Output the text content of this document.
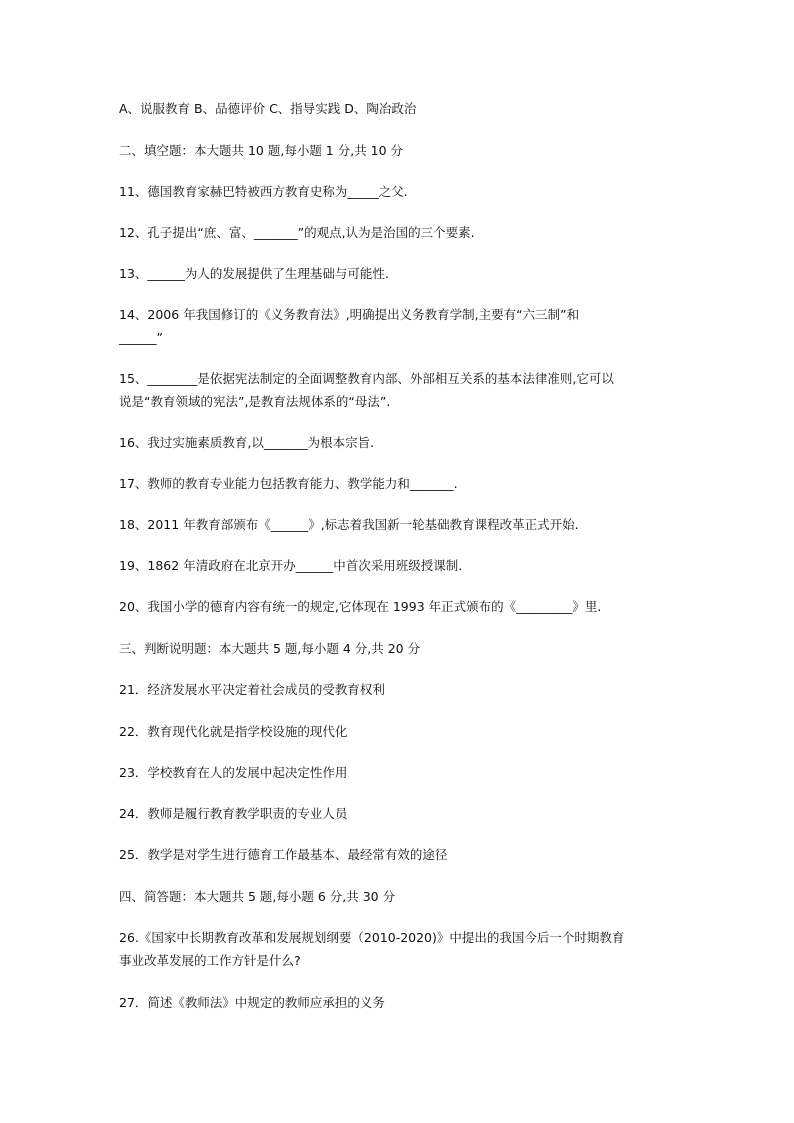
A、说服教育 B、品德评价 C、指导实践 D、陶冶政治
二、填空题：本大题共 10 题,每小题 1 分,共 10 分
11、德国教育家赫巴特被西方教育史称为_____之父.
12、孔子提出“庶、富、_______”的观点,认为是治国的三个要素.
13、______为人的发展提供了生理基础与可能性.
14、2006 年我国修订的《义务教育法》,明确提出义务教育学制,主要有“六三制”和
______”
15、________是依据宪法制定的全面调整教育内部、外部相互关系的基本法律准则,它可以
说是“教育领域的宪法”,是教育法规体系的“母法”.
16、我过实施素质教育,以_______为根本宗旨.
17、教师的教育专业能力包括教育能力、教学能力和_______.
18、2011 年教育部颁布《______》,标志着我国新一轮基础教育课程改革正式开始.
19、1862 年清政府在北京开办______中首次采用班级授课制.
20、我国小学的德育内容有统一的规定,它体现在 1993 年正式颁布的《_________》里.
三、判断说明题：本大题共 5 题,每小题 4 分,共 20 分
21．经济发展水平决定着社会成员的受教育权利
22．教育现代化就是指学校设施的现代化
23．学校教育在人的发展中起决定性作用
24．教师是履行教育教学职责的专业人员
25．教学是对学生进行德育工作最基本、最经常有效的途径
四、简答题：本大题共 5 题,每小题 6 分,共 30 分
26.《国家中长期教育改革和发展规划纲要（2010-2020)》中提出的我国今后一个时期教育
事业改革发展的工作方针是什么?
27．简述《教师法》中规定的教师应承担的义务
